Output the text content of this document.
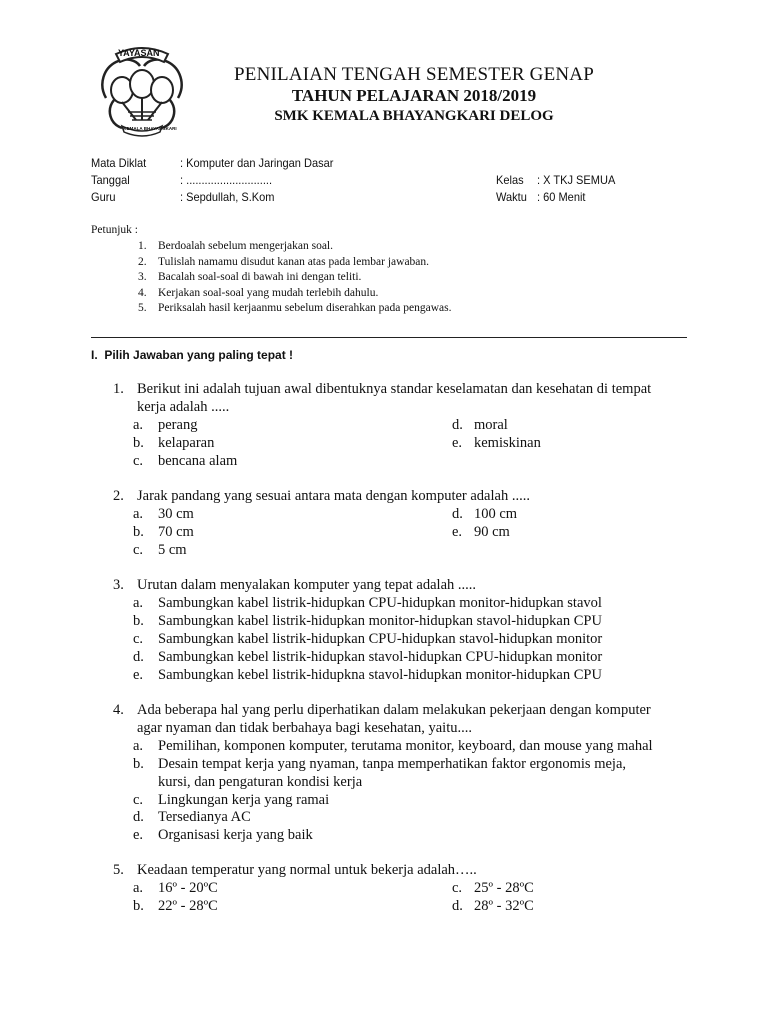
YAYASAN
KEMALA BHAYANGKARI
PENILAIAN TENGAH SEMESTER GENAP
TAHUN PELAJARAN 2018/2019
SMK KEMALA BHAYANGKARI DELOG
Mata Diklat	: Komputer dan Jaringan Dasar
Tanggal	: ............................
Guru	: Sepdullah, S.Kom
Kelas : X TKJ SEMUA
Waktu : 60 Menit
Petunjuk :
1. Berdoalah sebelum mengerjakan soal.
2. Tulislah namamu disudut kanan atas pada lembar jawaban.
3. Bacalah soal-soal di bawah ini dengan teliti.
4. Kerjakan soal-soal yang mudah terlebih dahulu.
5. Periksalah hasil kerjaanmu sebelum diserahkan pada pengawas.
I. Pilih Jawaban yang paling tepat !
1. Berikut ini adalah tujuan awal dibentuknya standar keselamatan dan kesehatan di tempat
kerja adalah .....
a. perang
b. kelaparan
c. bencana alam
d. moral
e. kemiskinan
2. Jarak pandang yang sesuai antara mata dengan komputer adalah .....
a. 30 cm
b. 70 cm
c. 5 cm
d. 100 cm
e. 90 cm
3. Urutan dalam menyalakan komputer yang tepat adalah .....
a. Sambungkan kabel listrik-hidupkan CPU-hidupkan monitor-hidupkan stavol
b. Sambungkan kabel listrik-hidupkan monitor-hidupkan stavol-hidupkan CPU
c. Sambungkan kabel listrik-hidupkan CPU-hidupkan stavol-hidupkan monitor
d. Sambungkan kebel listrik-hidupkan stavol-hidupkan CPU-hidupkan monitor
e. Sambungkan kebel listrik-hidupkna stavol-hidupkan monitor-hidupkan CPU
4. Ada beberapa hal yang perlu diperhatikan dalam melakukan pekerjaan dengan komputer
agar nyaman dan tidak berbahaya bagi kesehatan, yaitu....
a. Pemilihan, komponen komputer, terutama monitor, keyboard, dan mouse yang mahal
b. Desain tempat kerja yang nyaman, tanpa memperhatikan faktor ergonomis meja,
kursi, dan pengaturan kondisi kerja
c. Lingkungan kerja yang ramai
d. Tersedianya AC
e. Organisasi kerja yang baik
5. Keadaan temperatur yang normal untuk bekerja adalah…..
a. 16º - 20ºC
b. 22º - 28ºC
c. 25º - 28ºC
d. 28º - 32ºC
